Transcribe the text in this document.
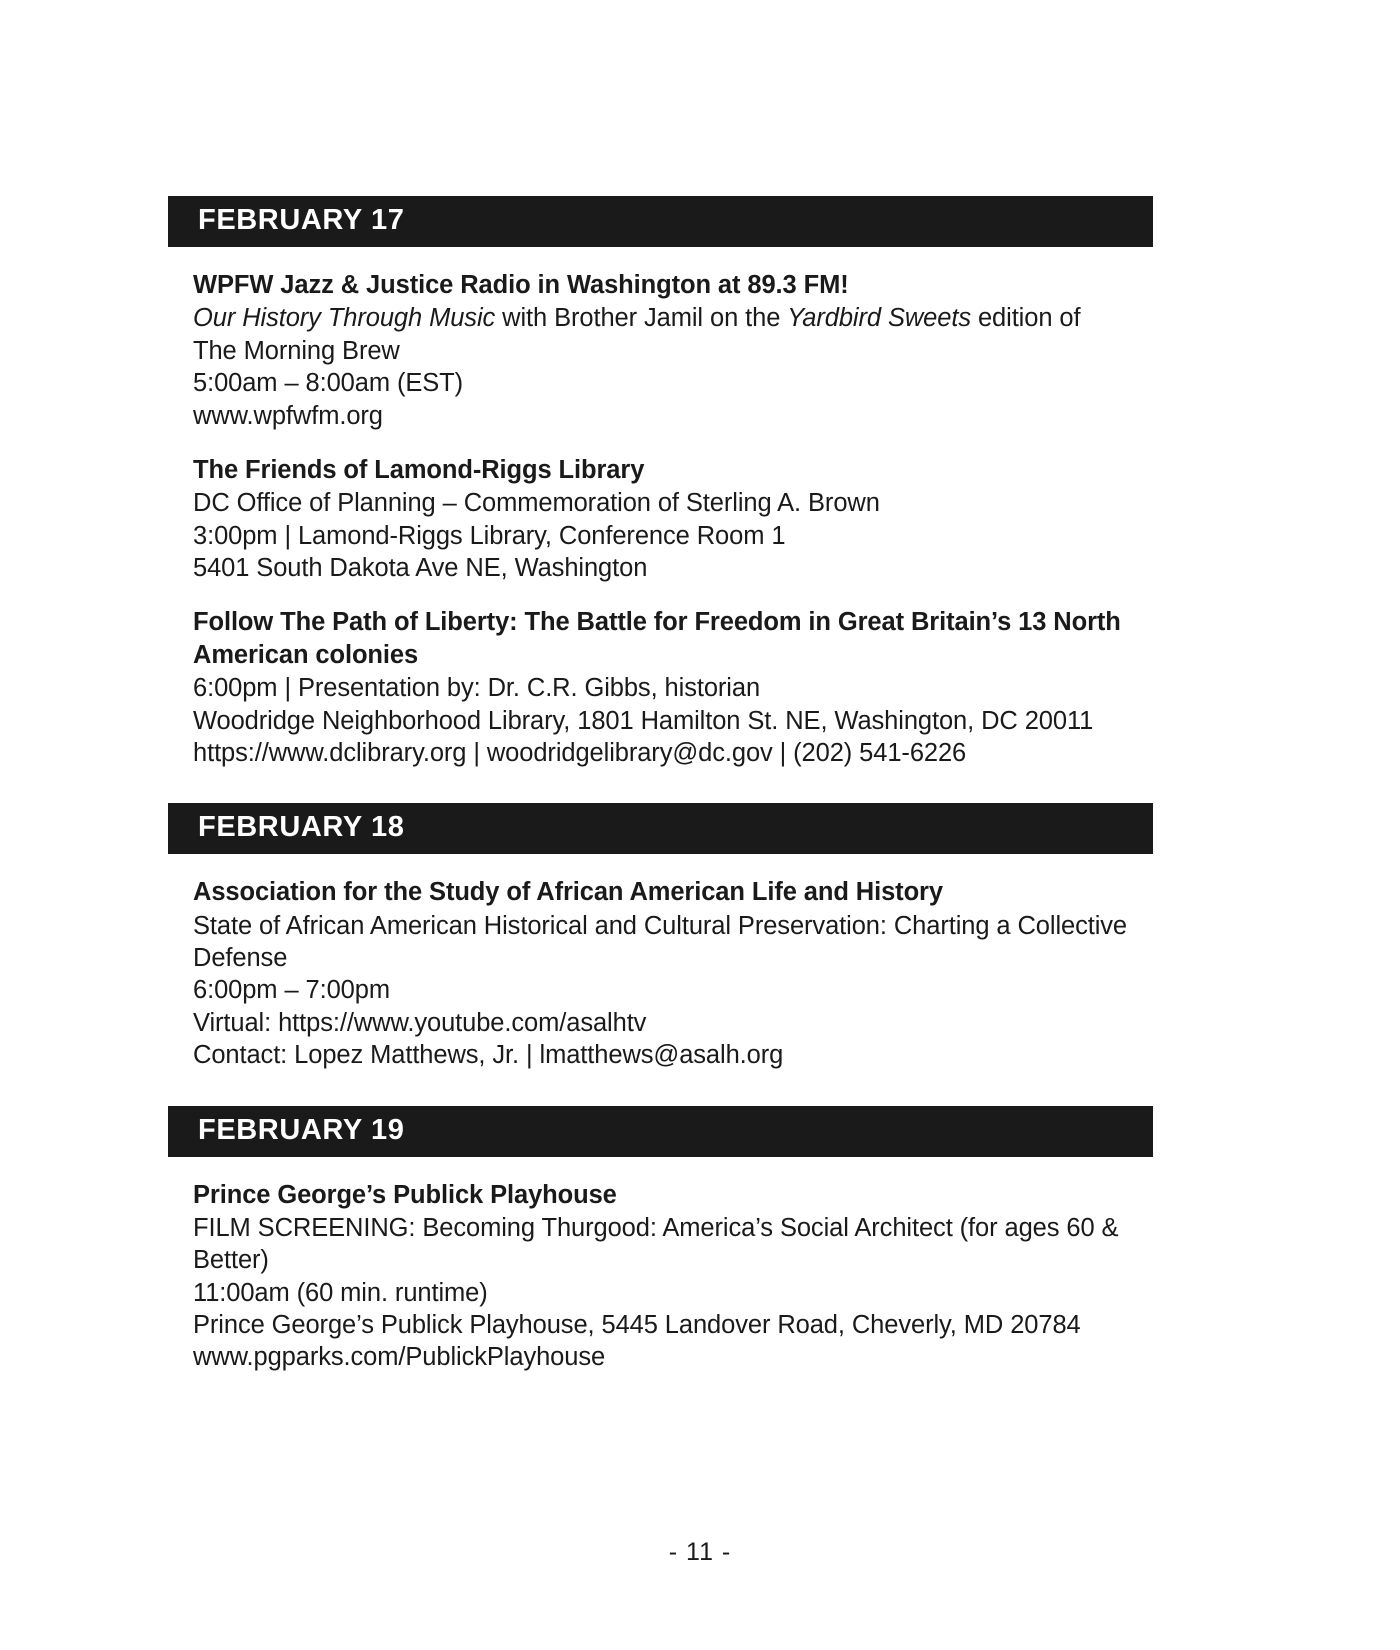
FEBRUARY 17

WPFW Jazz & Justice Radio in Washington at 89.3 FM!

Our History Through Music with Brother Jamil on the Yardbird Sweets edition of

The Morning Brew

5:00am – 8:00am (EST)

www.wpfwfm.org

The Friends of Lamond-Riggs Library

DC Office of Planning – Commemoration of Sterling A. Brown

3:00pm | Lamond-Riggs Library, Conference Room 1

5401 South Dakota Ave NE, Washington

Follow The Path of Liberty: The Battle for Freedom in Great Britain’s 13 North American colonies

6:00pm | Presentation by: Dr. C.R. Gibbs, historian

Woodridge Neighborhood Library, 1801 Hamilton St. NE, Washington, DC 20011

https://www.dclibrary.org | woodridgelibrary@dc.gov | (202) 541-6226

FEBRUARY 18

Association for the Study of African American Life and History

State of African American Historical and Cultural Preservation: Charting a Collective Defense

6:00pm – 7:00pm

Virtual: https://www.youtube.com/asalhtv

Contact: Lopez Matthews, Jr. | lmatthews@asalh.org

FEBRUARY 19

Prince George’s Publick Playhouse

FILM SCREENING: Becoming Thurgood: America’s Social Architect (for ages 60 & Better)

11:00am (60 min. runtime)

Prince George’s Publick Playhouse, 5445 Landover Road, Cheverly, MD 20784

www.pgparks.com/PublickPlayhouse

- 11 -
